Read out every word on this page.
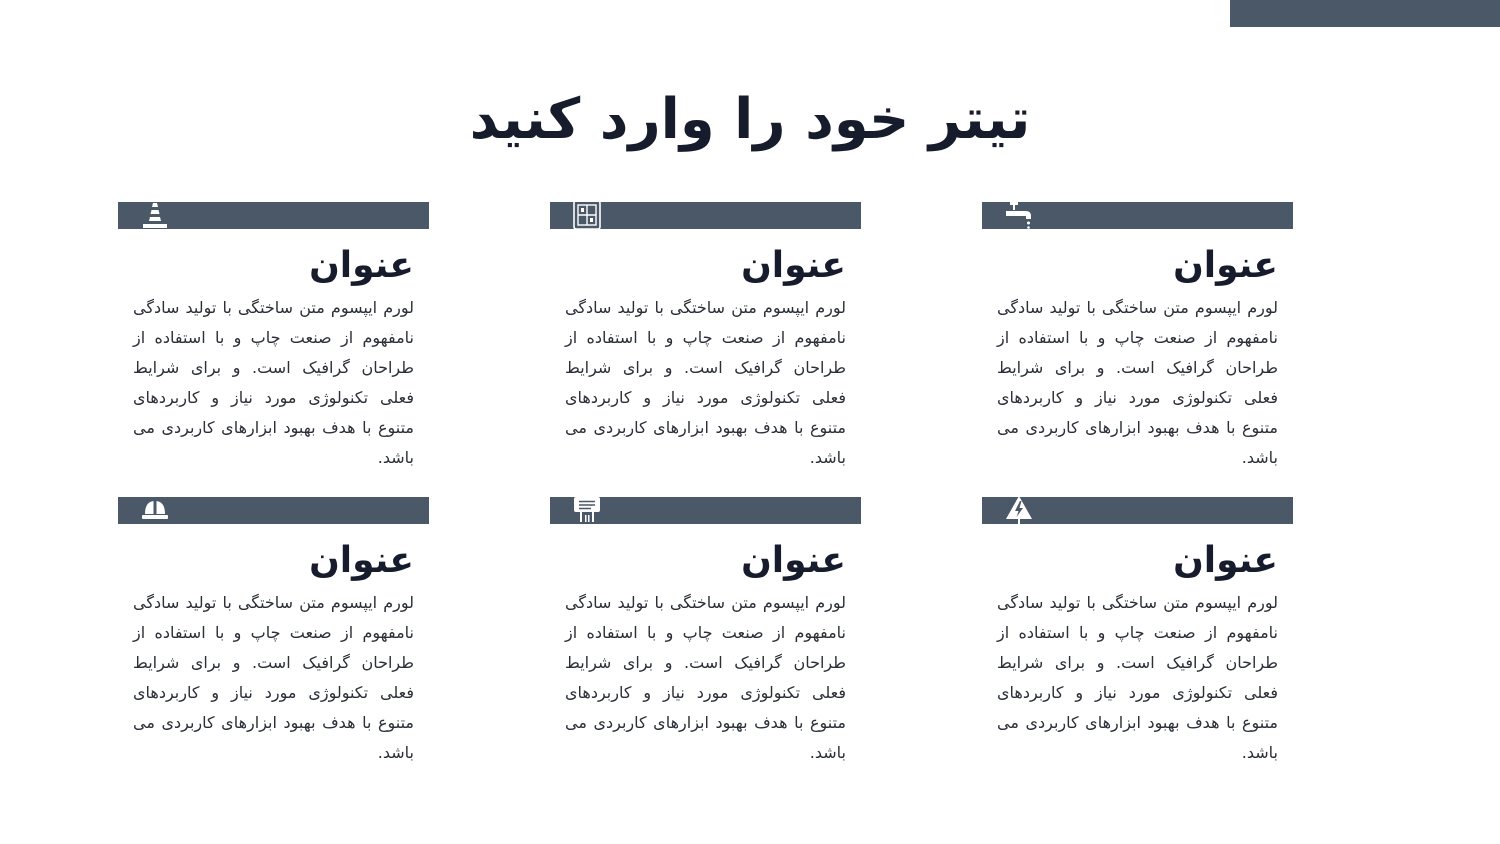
تیتر خود را وارد کنید
عنوان
لورم ایپسوم متن ساختگی با تولید سادگی نامفهوم از صنعت چاپ و با استفاده از طراحان گرافیک است. و برای شرایط فعلی تکنولوژی مورد نیاز و کاربردهای متنوع با هدف بهبود ابزارهای کاربردی می باشد.
عنوان
لورم ایپسوم متن ساختگی با تولید سادگی نامفهوم از صنعت چاپ و با استفاده از طراحان گرافیک است. و برای شرایط فعلی تکنولوژی مورد نیاز و کاربردهای متنوع با هدف بهبود ابزارهای کاربردی می باشد.
عنوان
لورم ایپسوم متن ساختگی با تولید سادگی نامفهوم از صنعت چاپ و با استفاده از طراحان گرافیک است. و برای شرایط فعلی تکنولوژی مورد نیاز و کاربردهای متنوع با هدف بهبود ابزارهای کاربردی می باشد.
عنوان
لورم ایپسوم متن ساختگی با تولید سادگی نامفهوم از صنعت چاپ و با استفاده از طراحان گرافیک است. و برای شرایط فعلی تکنولوژی مورد نیاز و کاربردهای متنوع با هدف بهبود ابزارهای کاربردی می باشد.
عنوان
لورم ایپسوم متن ساختگی با تولید سادگی نامفهوم از صنعت چاپ و با استفاده از طراحان گرافیک است. و برای شرایط فعلی تکنولوژی مورد نیاز و کاربردهای متنوع با هدف بهبود ابزارهای کاربردی می باشد.
عنوان
لورم ایپسوم متن ساختگی با تولید سادگی نامفهوم از صنعت چاپ و با استفاده از طراحان گرافیک است. و برای شرایط فعلی تکنولوژی مورد نیاز و کاربردهای متنوع با هدف بهبود ابزارهای کاربردی می باشد.
